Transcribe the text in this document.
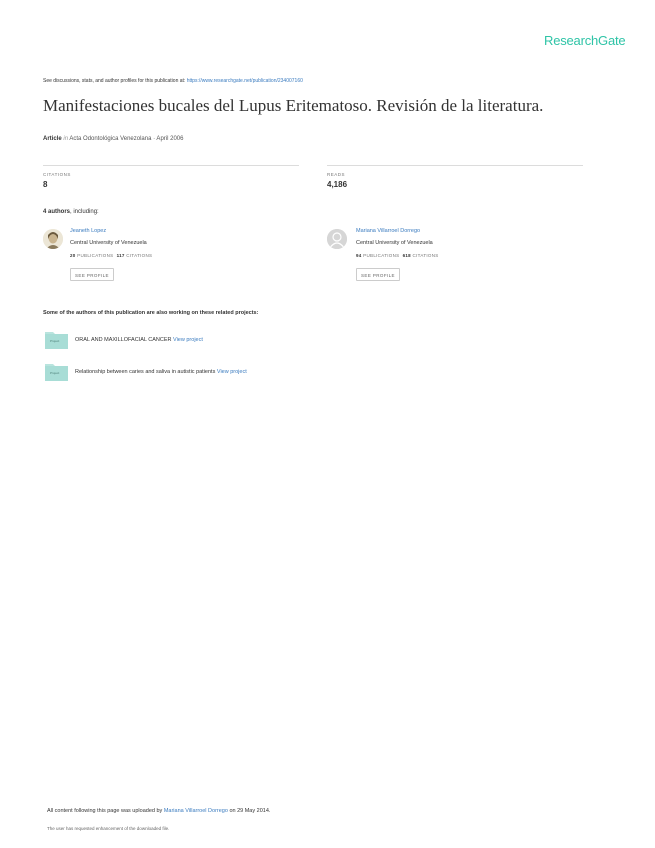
ResearchGate
See discussions, stats, and author profiles for this publication at: https://www.researchgate.net/publication/234007160
Manifestaciones bucales del Lupus Eritematoso. Revisión de la literatura.
Article in Acta Odontológica Venezolana · April 2006
CITATIONS
8
READS
4,186
4 authors, including:
Jeaneth Lopez
Central University of Venezuela
20 PUBLICATIONS 117 CITATIONS
SEE PROFILE
Mariana Villarroel Dorrego
Central University of Venezuela
94 PUBLICATIONS 618 CITATIONS
SEE PROFILE
Some of the authors of this publication are also working on these related projects:
Project	ORAL AND MAXILLOFACIAL CANCER View project
Project	Relationship between caries and saliva in autistic patients View project
All content following this page was uploaded by Mariana Villarroel Dorrego on 29 May 2014.
The user has requested enhancement of the downloaded file.
